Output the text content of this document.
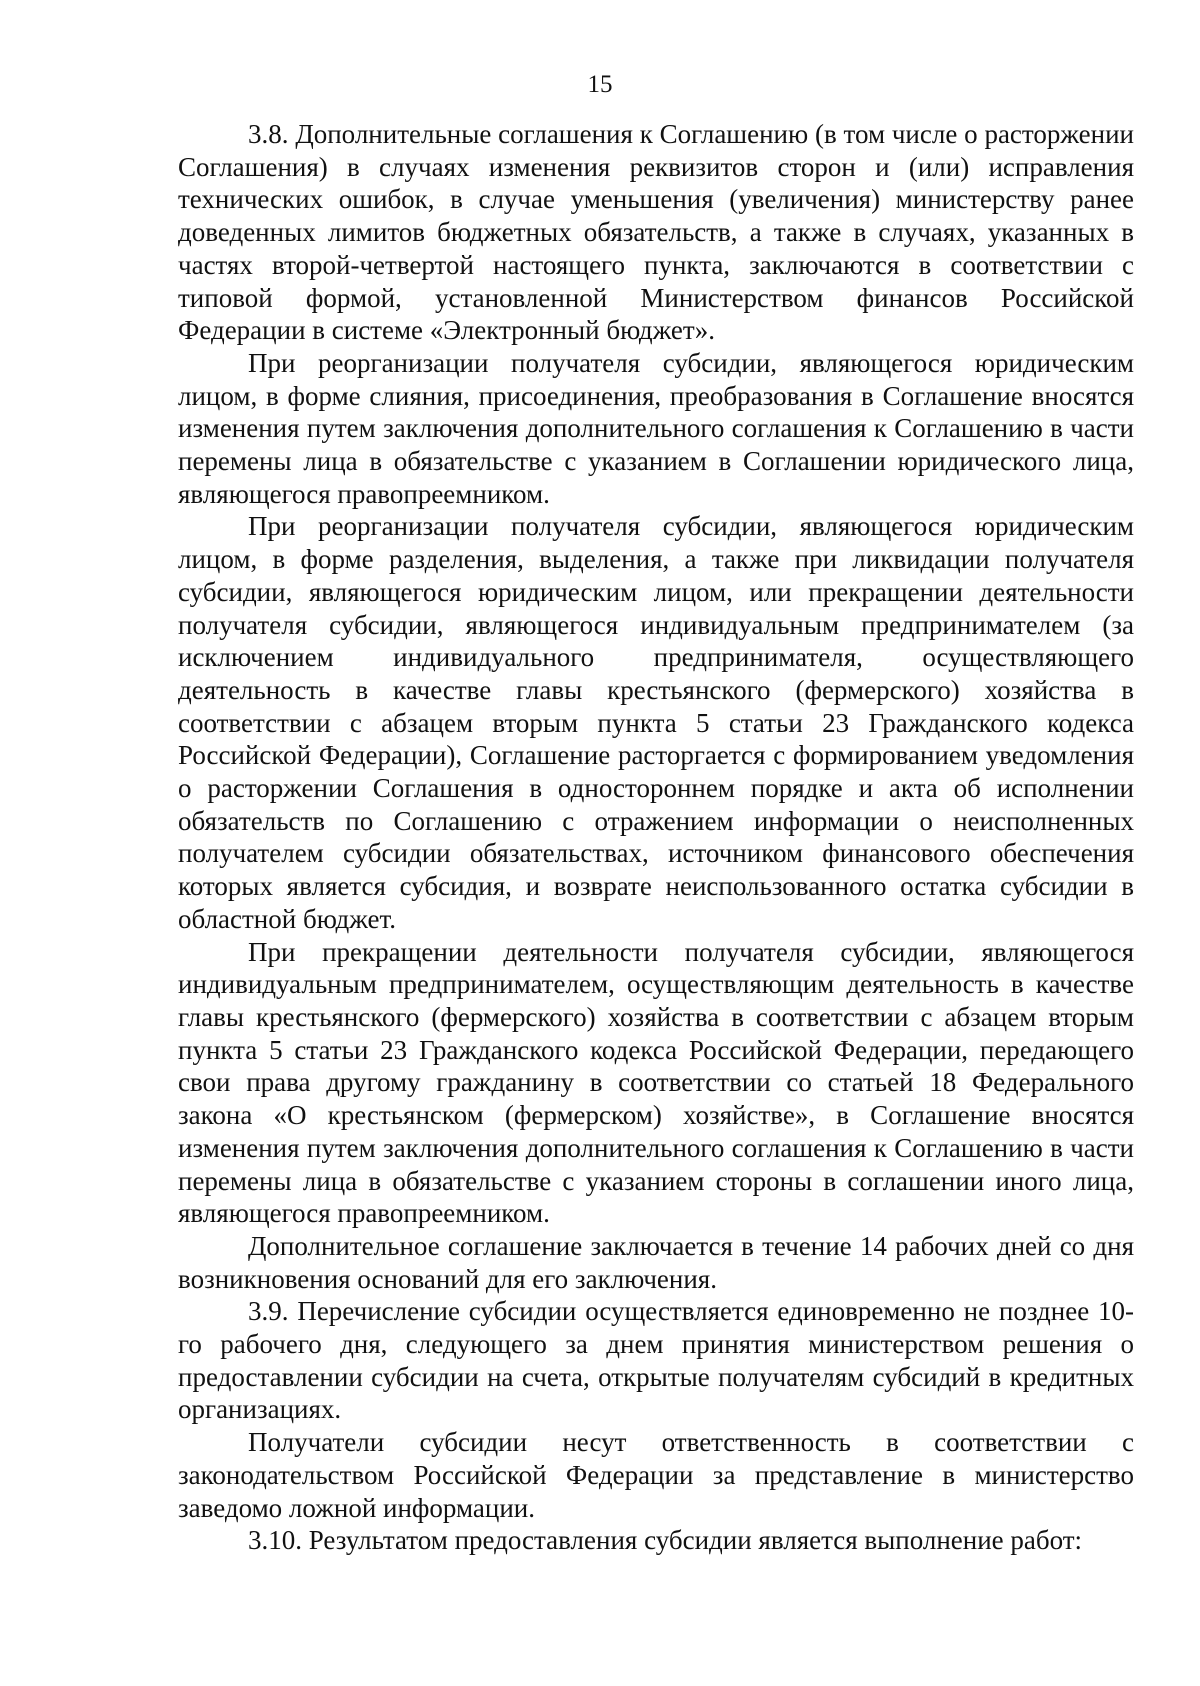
15

3.8. Дополнительные соглашения к Соглашению (в том числе о расторжении Соглашения) в случаях изменения реквизитов сторон и (или) исправления технических ошибок, в случае уменьшения (увеличения) министерству ранее доведенных лимитов бюджетных обязательств, а также в случаях, указанных в частях второй-четвертой настоящего пункта, заключаются в соответствии с типовой формой, установленной Министерством финансов Российской Федерации в системе «Электронный бюджет».

При реорганизации получателя субсидии, являющегося юридическим лицом, в форме слияния, присоединения, преобразования в Соглашение вносятся изменения путем заключения дополнительного соглашения к Соглашению в части перемены лица в обязательстве с указанием в Соглашении юридического лица, являющегося правопреемником.

При реорганизации получателя субсидии, являющегося юридическим лицом, в форме разделения, выделения, а также при ликвидации получателя субсидии, являющегося юридическим лицом, или прекращении деятельности получателя субсидии, являющегося индивидуальным предпринимателем (за исключением индивидуального предпринимателя, осуществляющего деятельность в качестве главы крестьянского (фермерского) хозяйства в соответствии с абзацем вторым пункта 5 статьи 23 Гражданского кодекса Российской Федерации), Соглашение расторгается с формированием уведомления о расторжении Соглашения в одностороннем порядке и акта об исполнении обязательств по Соглашению с отражением информации о неисполненных получателем субсидии обязательствах, источником финансового обеспечения которых является субсидия, и возврате неиспользованного остатка субсидии в областной бюджет.

При прекращении деятельности получателя субсидии, являющегося индивидуальным предпринимателем, осуществляющим деятельность в качестве главы крестьянского (фермерского) хозяйства в соответствии с абзацем вторым пункта 5 статьи 23 Гражданского кодекса Российской Федерации, передающего свои права другому гражданину в соответствии со статьей 18 Федерального закона «О крестьянском (фермерском) хозяйстве», в Соглашение вносятся изменения путем заключения дополнительного соглашения к Соглашению в части перемены лица в обязательстве с указанием стороны в соглашении иного лица, являющегося правопреемником.

Дополнительное соглашение заключается в течение 14 рабочих дней со дня возникновения оснований для его заключения.

3.9. Перечисление субсидии осуществляется единовременно не позднее 10-го рабочего дня, следующего за днем принятия министерством решения о предоставлении субсидии на счета, открытые получателям субсидий в кредитных организациях.

Получатели субсидии несут ответственность в соответствии с законодательством Российской Федерации за представление в министерство заведомо ложной информации.

3.10. Результатом предоставления субсидии является выполнение работ:
